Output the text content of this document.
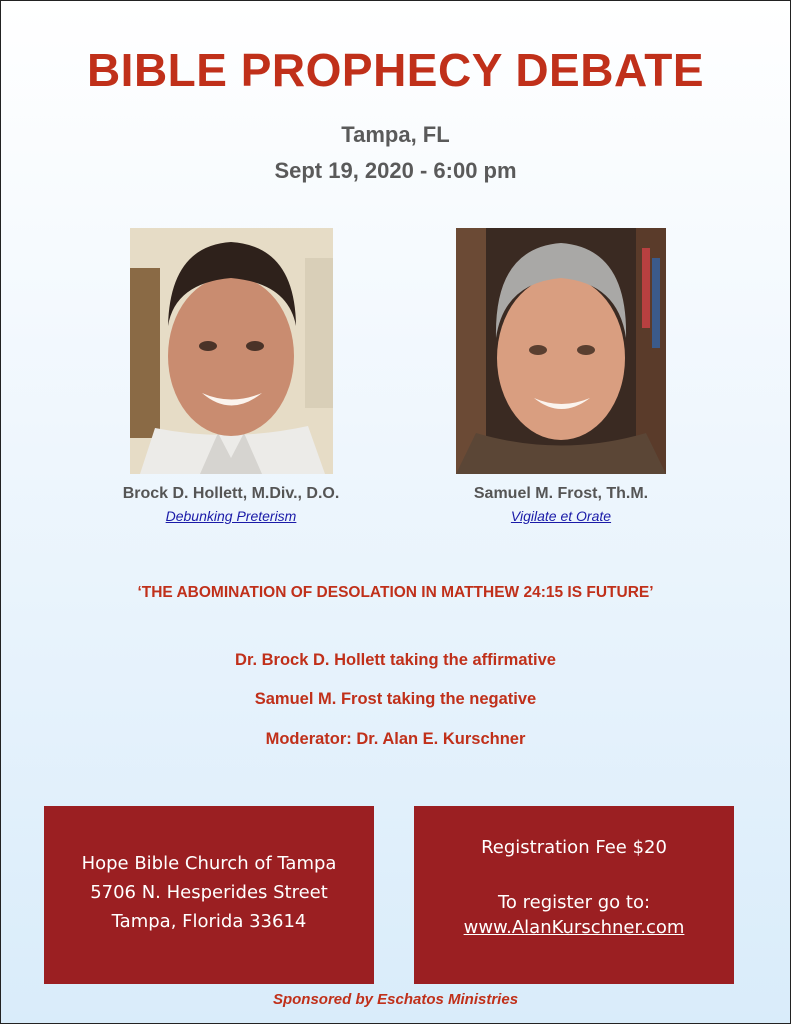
BIBLE PROPHECY DEBATE
Tampa, FL
Sept 19, 2020 - 6:00 pm
Brock D. Hollett, M.Div., D.O.
Debunking Preterism
Samuel M. Frost, Th.M.
Vigilate et Orate
‘THE ABOMINATION OF DESOLATION IN MATTHEW 24:15 IS FUTURE’
Dr. Brock D. Hollett taking the affirmative
Samuel M. Frost taking the negative
Moderator: Dr. Alan E. Kurschner
Hope Bible Church of Tampa
5706 N. Hesperides Street
Tampa, Florida 33614
Registration Fee $20
To register go to:
www.AlanKurschner.com
Sponsored by Eschatos Ministries
